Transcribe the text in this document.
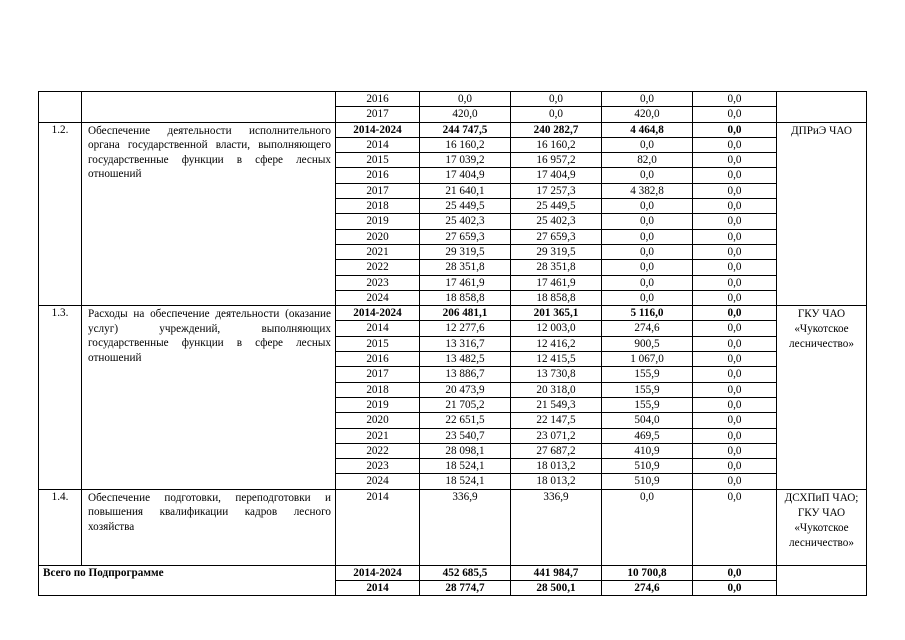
		2016	0,0	0,0	0,0	0,0	
		2017	420,0	0,0	420,0	0,0	
1.2.	Обеспечение деятельности исполнительного органа государственной власти, выполняющего государственные функции в сфере лесных отношений	2014-2024	244 747,5	240 282,7	4 464,8	0,0	ДПРиЭ ЧАО
		2014	16 160,2	16 160,2	0,0	0,0	
		2015	17 039,2	16 957,2	82,0	0,0	
		2016	17 404,9	17 404,9	0,0	0,0	
		2017	21 640,1	17 257,3	4 382,8	0,0	
		2018	25 449,5	25 449,5	0,0	0,0	
		2019	25 402,3	25 402,3	0,0	0,0	
		2020	27 659,3	27 659,3	0,0	0,0	
		2021	29 319,5	29 319,5	0,0	0,0	
		2022	28 351,8	28 351,8	0,0	0,0	
		2023	17 461,9	17 461,9	0,0	0,0	
		2024	18 858,8	18 858,8	0,0	0,0	
1.3.	Расходы на обеспечение деятельности (оказание услуг) учреждений, выполняющих государственные функции в сфере лесных отношений	2014-2024	206 481,1	201 365,1	5 116,0	0,0	ГКУ ЧАО «Чукотское лесничество»
		2014	12 277,6	12 003,0	274,6	0,0	
		2015	13 316,7	12 416,2	900,5	0,0	
		2016	13 482,5	12 415,5	1 067,0	0,0	
		2017	13 886,7	13 730,8	155,9	0,0	
		2018	20 473,9	20 318,0	155,9	0,0	
		2019	21 705,2	21 549,3	155,9	0,0	
		2020	22 651,5	22 147,5	504,0	0,0	
		2021	23 540,7	23 071,2	469,5	0,0	
		2022	28 098,1	27 687,2	410,9	0,0	
		2023	18 524,1	18 013,2	510,9	0,0	
		2024	18 524,1	18 013,2	510,9	0,0	
1.4.	Обеспечение подготовки, переподготовки и повышения квалификации кадров лесного хозяйства	2014	336,9	336,9	0,0	0,0	ДСХПиП ЧАО; ГКУ ЧАО «Чукотское лесничество»
Всего по Подпрограмме		2014-2024	452 685,5	441 984,7	10 700,8	0,0	
		2014	28 774,7	28 500,1	274,6	0,0	
